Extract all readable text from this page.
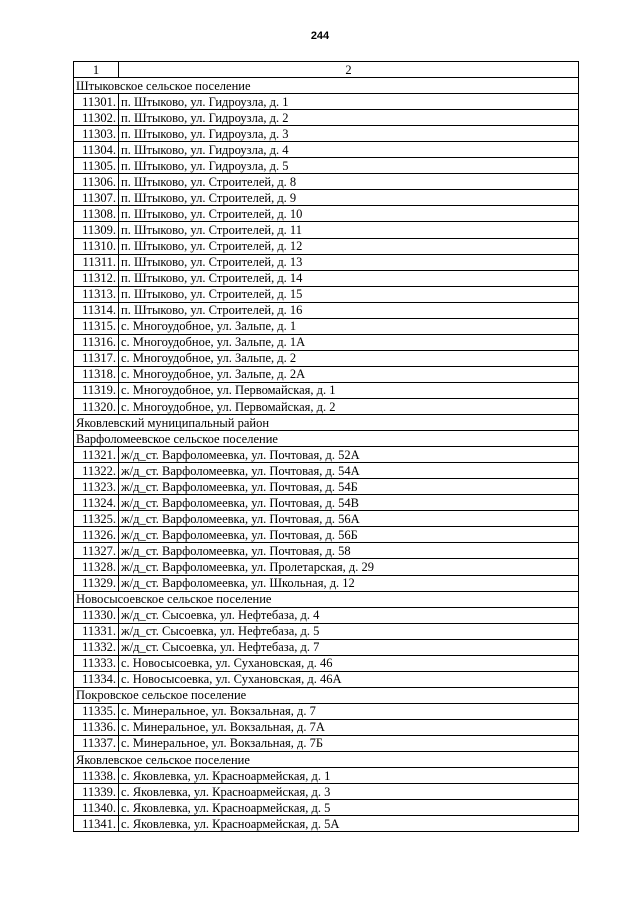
244
1	2
Штыковское сельское поселение	
11301.	п. Штыково, ул. Гидроузла, д. 1
11302.	п. Штыково, ул. Гидроузла, д. 2
11303.	п. Штыково, ул. Гидроузла, д. 3
11304.	п. Штыково, ул. Гидроузла, д. 4
11305.	п. Штыково, ул. Гидроузла, д. 5
11306.	п. Штыково, ул. Строителей, д. 8
11307.	п. Штыково, ул. Строителей, д. 9
11308.	п. Штыково, ул. Строителей, д. 10
11309.	п. Штыково, ул. Строителей, д. 11
11310.	п. Штыково, ул. Строителей, д. 12
11311.	п. Штыково, ул. Строителей, д. 13
11312.	п. Штыково, ул. Строителей, д. 14
11313.	п. Штыково, ул. Строителей, д. 15
11314.	п. Штыково, ул. Строителей, д. 16
11315.	с. Многоудобное, ул. Зальпе, д. 1
11316.	с. Многоудобное, ул. Зальпе, д. 1А
11317.	с. Многоудобное, ул. Зальпе, д. 2
11318.	с. Многоудобное, ул. Зальпе, д. 2А
11319.	с. Многоудобное, ул. Первомайская, д. 1
11320.	с. Многоудобное, ул. Первомайская, д. 2
Яковлевский муниципальный район	
Варфоломеевское сельское поселение	
11321.	ж/д_ст. Варфоломеевка, ул. Почтовая, д. 52А
11322.	ж/д_ст. Варфоломеевка, ул. Почтовая, д. 54А
11323.	ж/д_ст. Варфоломеевка, ул. Почтовая, д. 54Б
11324.	ж/д_ст. Варфоломеевка, ул. Почтовая, д. 54В
11325.	ж/д_ст. Варфоломеевка, ул. Почтовая, д. 56А
11326.	ж/д_ст. Варфоломеевка, ул. Почтовая, д. 56Б
11327.	ж/д_ст. Варфоломеевка, ул. Почтовая, д. 58
11328.	ж/д_ст. Варфоломеевка, ул. Пролетарская, д. 29
11329.	ж/д_ст. Варфоломеевка, ул. Школьная, д. 12
Новосысоевское сельское поселение	
11330.	ж/д_ст. Сысоевка, ул. Нефтебаза, д. 4
11331.	ж/д_ст. Сысоевка, ул. Нефтебаза, д. 5
11332.	ж/д_ст. Сысоевка, ул. Нефтебаза, д. 7
11333.	с. Новосысоевка, ул. Сухановская, д. 46
11334.	с. Новосысоевка, ул. Сухановская, д. 46А
Покровское сельское поселение	
11335.	с. Минеральное, ул. Вокзальная, д. 7
11336.	с. Минеральное, ул. Вокзальная, д. 7А
11337.	с. Минеральное, ул. Вокзальная, д. 7Б
Яковлевское сельское поселение	
11338.	с. Яковлевка, ул. Красноармейская, д. 1
11339.	с. Яковлевка, ул. Красноармейская, д. 3
11340.	с. Яковлевка, ул. Красноармейская, д. 5
11341.	с. Яковлевка, ул. Красноармейская, д. 5А
